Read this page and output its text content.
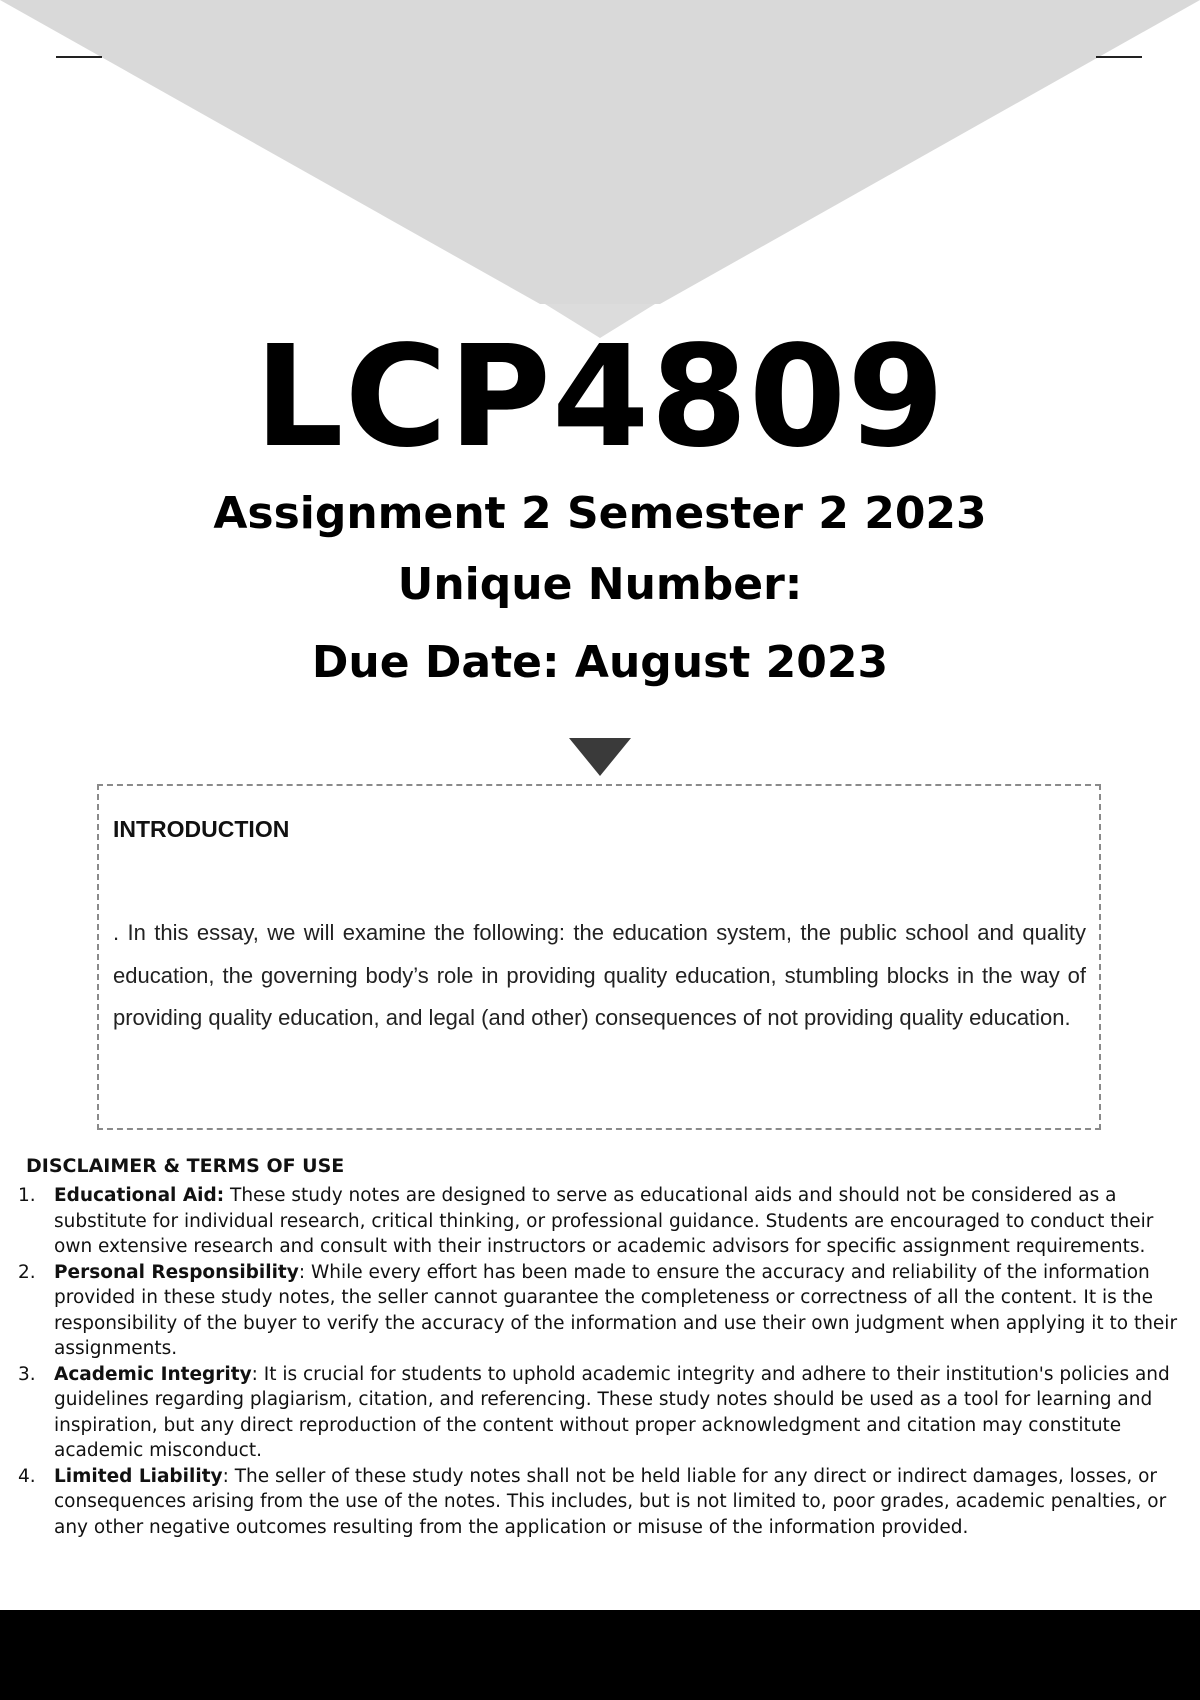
LCP4809
Assignment 2 Semester 2 2023
Unique Number:
Due Date: August 2023
INTRODUCTION
. In this essay, we will examine the following: the education system, the public school and quality education, the governing body’s role in providing quality education, stumbling blocks in the way of providing quality education, and legal (and other) consequences of not providing quality education.
DISCLAIMER & TERMS OF USE
1. Educational Aid: These study notes are designed to serve as educational aids and should not be considered as a substitute for individual research, critical thinking, or professional guidance. Students are encouraged to conduct their own extensive research and consult with their instructors or academic advisors for specific assignment requirements.
2. Personal Responsibility: While every effort has been made to ensure the accuracy and reliability of the information provided in these study notes, the seller cannot guarantee the completeness or correctness of all the content. It is the responsibility of the buyer to verify the accuracy of the information and use their own judgment when applying it to their assignments.
3. Academic Integrity: It is crucial for students to uphold academic integrity and adhere to their institution's policies and guidelines regarding plagiarism, citation, and referencing. These study notes should be used as a tool for learning and inspiration, but any direct reproduction of the content without proper acknowledgment and citation may constitute academic misconduct.
4. Limited Liability: The seller of these study notes shall not be held liable for any direct or indirect damages, losses, or consequences arising from the use of the notes. This includes, but is not limited to, poor grades, academic penalties, or any other negative outcomes resulting from the application or misuse of the information provided.
